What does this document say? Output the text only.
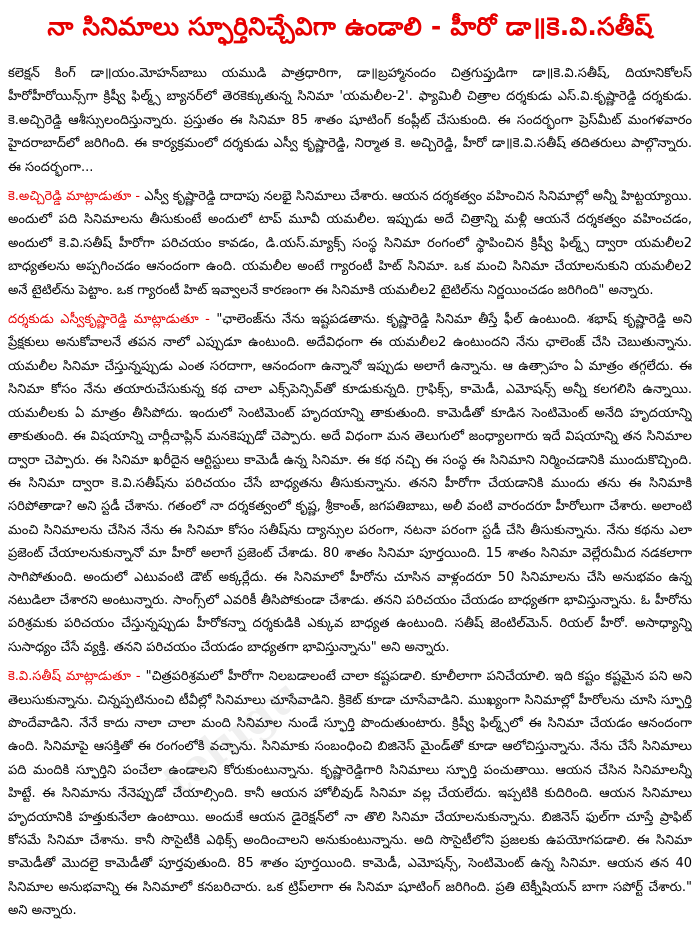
నా సినిమాలు స్ఫూర్తినిచ్చేవిగా ఉండాలి - హీరో డా॥కె.వి.సతీష్
telugu

కలెక్షన్ కింగ్ డా॥యం.మోహన్‌బాబు యముడి పాత్రధారిగా, డా॥బ్రహ్మానందం చిత్రగుప్తుడిగా డా॥కె.వి.సతీష్, దియానికోలస్ హీరోహీరోయిన్స్‌గా క్రిష్వీ ఫిల్మ్స్ బ్యానర్‌లో తెరకెక్కుతున్న సినిమా 'యమలీల-2'. ఫ్యామిలీ చిత్రాల దర్శకుడు ఎస్.వి.కృష్ణారెడ్డి దర్శకుడు. కె.అచ్చిరెడ్డి ఆశీస్సులందిస్తున్నారు. ప్రస్తుతం ఈ సినిమా 85 శాతం షూటింగ్ కంప్లీట్ చేసుకుంది. ఈ సందర్భంగా ప్రెస్‌మీట్ మంగళవారం హైదరాబాద్‌లో జరిగింది. ఈ కార్యక్రమంలో దర్శకుడు ఎస్వీ కృష్ణారెడ్డి, నిర్మాత కె. అచ్చిరెడ్డి, హీరో డా॥కె.వి.సతీష్ తదితరులు పాల్గొన్నారు. ఈ సందర్భంగా...

కె.అచ్చిరెడ్డి మాట్లాడుతూ - ఎస్వీ కృష్ణారెడ్డి దాదాపు నలభై సినిమాలు చేశారు. ఆయన దర్శకత్వం వహించిన సినిమాల్లో అన్నీ హిట్టయ్యాయి. అందులో పది సినిమాలను తీసుకుంటే అందులో టాప్ మూవీ యమలీల. ఇప్పుడు అదే చిత్రాన్ని మళ్లీ ఆయనే దర్శకత్వం వహించడం, అందులో కె.వి.సతీష్ హీరోగా పరిచయం కావడం, డి.యస్.మ్యాక్స్ సంస్థ సినిమా రంగంలో స్థాపించిన క్రిష్వీ ఫిల్మ్స్ ద్వారా యమలీల2 బాధ్యతలను అప్పగించడం ఆనందంగా ఉంది. యమలీల అంటే గ్యారంటీ హిట్ సినిమా. ఒక మంచి సినిమా చేయాలనుకుని యమలీల2 అనే టైటిల్‌ను పెట్టాం. ఒక గ్యారంటీ హిట్ ఇవ్వాలనే కారణంగా ఈ సినిమాకి యమలీల2 టైటిల్‌ను నిర్ణయించడం జరిగింది" అన్నారు.

దర్శకుడు ఎస్వీకృష్ణారెడ్డి మాట్లాడుతూ - "ఛాలెంజ్‌ను నేను ఇష్టపడతాను. కృష్ణారెడ్డి సినిమా తీస్తే ఫీల్ ఉంటుంది. శభాష్ కృష్ణారెడ్డి అని ప్రేక్షకులు అనుకోవాలనే తపన నాలో ఎప్పుడూ ఉంటుంది. అదేవిధంగా ఈ యమలీల2 ఉంటుందని నేను ఛాలెంజ్ చేసి చెబుతున్నాను. యమలీల సినిమా చేస్తున్నప్పుడు ఎంత సరదాగా, ఆనందంగా ఉన్నానో ఇప్పుడు అలాగే ఉన్నాను. ఆ ఉత్సాహం ఏ మాత్రం తగ్గలేదు. ఈ సినిమా కోసం నేను తయారుచేసుకున్న కథ చాలా ఎక్స్‌పెన్సివ్‌తో కూడుకున్నది. గ్రాఫిక్స్, కామెడీ, ఎమోషన్స్ అన్నీ కలగలిసి ఉన్నాయి. యమలీలకు ఏ మాత్రం తీసిపోదు. ఇందులో సెంటిమెంట్ హృదయాన్ని తాకుతుంది. కామెడీతో కూడిన సెంటిమెంట్ అనేది హృదయాన్ని తాకుతుంది. ఈ విషయాన్ని చార్లీచాప్లిన్ మనకెప్పుడో చెప్పారు. అదే విధంగా మన తెలుగులో జంధ్యాలగారు ఇదే విషయాన్ని తన సినిమాల ద్వారా చెప్పారు. ఈ సినిమా ఖరీదైన ఆర్టిస్టులు కామెడీ ఉన్న సినిమా. ఈ కథ నచ్చి ఈ సంస్థ ఈ సినిమాని నిర్మించడానికి ముందుకొచ్చింది. ఈ సినిమా ద్వారా కె.వి.సతీష్‌ను పరిచయం చేసే బాధ్యతను తీసుకున్నాను. తనని హీరోగా చేయడానికి ముందు తను ఈ సినిమాకి సరిపోతాడా? అని స్టడీ చేశాను. గతంలో నా దర్శకత్వంలో కృష్ణ, శ్రీకాంత్, జగపతిబాబు, అలీ వంటి వారందరూ హీరోలుగా చేశారు. అలాంటి మంచి సినిమాలను చేసిన నేను ఈ సినిమా కోసం సతీష్‌ను ద్యాన్సుల పరంగా, నటనా పరంగా స్టడీ చేసి తీసుకున్నాను. నేను కథను ఎలా ప్రజెంట్ చేయాలనుకున్నానో మా హీరో అలాగే ప్రజెంట్ చేశాడు. 80 శాతం సినిమా పూర్తయింది. 15 శాతం సినిమా వెల్లేరుమీద నడకలాగా సాగిపోతుంది. అందులో ఎటువంటి డౌట్ అక్కర్లేదు. ఈ సినిమాలో హీరోను చూసిన వాళ్లందరూ 50 సినిమాలను చేసి అనుభవం ఉన్న నటుడిలా చేశారని అంటున్నారు. సాంగ్స్‌లో ఎవరికీ తీసిపోకుండా చేశాడు. తనని పరిచయం చేయడం బాధ్యతగా భావిస్తున్నాను. ఓ హీరోను పరిశ్రమకు పరిచయం చేస్తున్నప్పుడు హీరోకన్నా దర్శకుడికి ఎక్కువ బాధ్యత ఉంటుంది. సతీష్ జెంటిల్‌మెన్. రియల్ హీరో. అసాధ్యాన్ని సుసాధ్యం చేసే వ్యక్తి. తనని పరిచయం చేయడం బాధ్యతగా భావిస్తున్నాను" అని అన్నారు.

కె.వి.సతీష్ మాట్లాడుతూ - "చిత్రపరిశ్రమలో హీరోగా నిలబడాలంటే చాలా కష్టపడాలి. కూలీలాగా పనిచేయాలి. ఇది కష్టం కష్టమైన పని అని తెలుసుకున్నాను. చిన్నప్పటినుంచి టీవీల్లో సినిమాలు చూసేవాడిని. క్రికెట్ కూడా చూసేవాడిని. ముఖ్యంగా సినిమాల్లో హీరోలను చూసి స్ఫూర్తి పొందేవాడిని. నేనే కాదు నాలా చాలా మంది సినిమాల నుండే స్ఫూర్తి పొందుతుంటారు. క్రిష్వీ ఫిల్మ్స్‌లో ఈ సినిమా చేయడం ఆనందంగా ఉంది. సినిమాపై ఆసక్తితో ఈ రంగంలోకి వచ్చాను. సినిమాకు సంబంధించి బిజినెస్ మైండ్‌తో కూడా ఆలోచిస్తున్నాను. నేను చేసే సినిమాలు పది మందికి స్ఫూర్తిని పంచేలా ఉండాలని కోరుకుంటున్నాను. కృష్ణారెడ్డిగారి సినిమాలు స్ఫూర్తి పంచుతాయి. ఆయన చేసిన సినిమాలన్నీ హిట్టే. ఈ సినిమాను నేనెప్పుడో చేయాల్సింది. కానీ ఆయన హోలీవుడ్ సినిమా వల్ల చేయలేదు. ఇప్పటికి కుదిరింది. ఆయన సినిమాలు హృదయానికి హత్తుకునేలా ఉంటాయి. అందుకే ఆయన డైరెక్షన్‌లో నా తొలి సినిమా చేయాలనుకున్నాను. బిజినెస్ ఫుల్‌గా చూస్తే ప్రాఫిట్ కోసమే సినిమా చేశాను. కానీ సొసైటీకి ఎథిక్స్ అందించాలని అనుకుంటున్నాను. అది సొసైటీలోని ప్రజలకు ఉపయోగపడాలి. ఈ సినిమా కామెడీతో మొదలై కామెడీతో పూర్తవుతుంది. 85 శాతం పూర్తయింది. కామెడీ, ఎమోషన్స్, సెంటిమెంట్ ఉన్న సినిమా. ఆయన తన 40 సినిమాల అనుభవాన్ని ఈ సినిమాలో కనబరిచారు. ఒక ట్రిప్‌లాగా ఈ సినిమా షూటింగ్ జరిగింది. ప్రతి టెక్నీషియన్ బాగా సపోర్ట్ చేశారు." అని అన్నారు.
